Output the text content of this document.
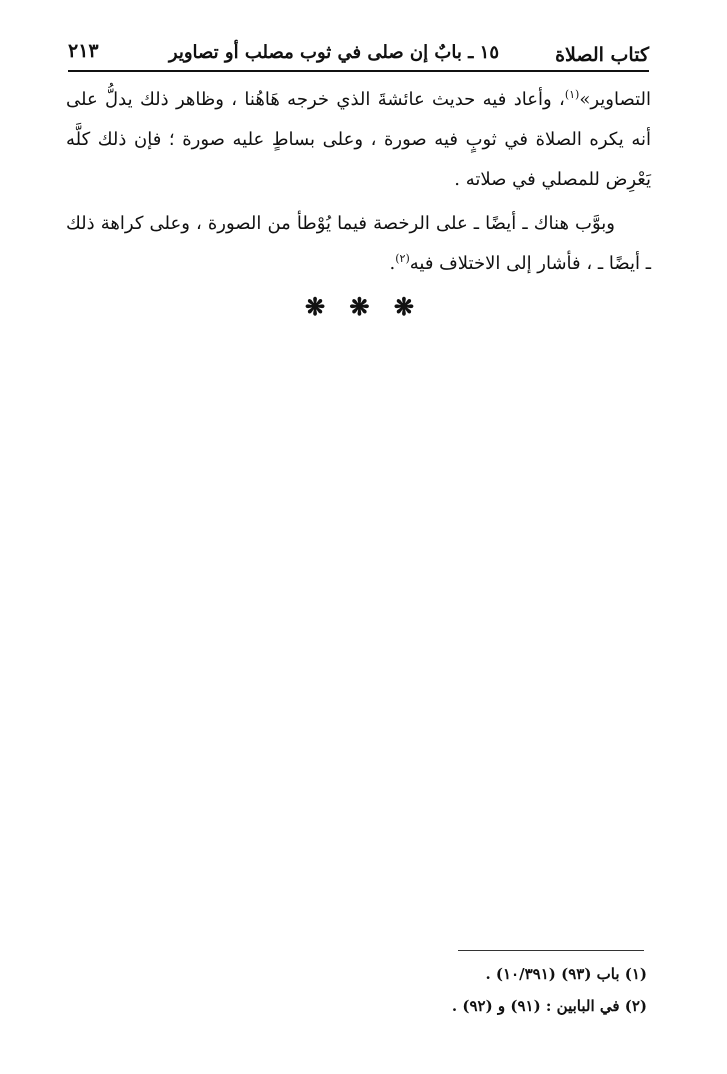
كتاب الصلاة
١٥ ـ بابٌ إن صلى في ثوب مصلب أو تصاوير
٢١٣

التصاوير»$^{(١)}$، وأعاد فيه حديث عائشةَ الذي خرجه هَاهُنا ، وظاهر ذلك يدلُّ على أنه يكره الصلاة في ثوبٍ فيه صورة ، وعلى بساطٍ عليه صورة ؛ فإن ذلك كلَّه يَعْرِض للمصلي في صلاته .

وبوَّب هناك ـ أيضًا ـ على الرخصة فيما يُوْطأ من الصورة ، وعلى كراهة ذلك ـ أيضًا ـ ، فأشار إلى الاختلاف فيه$^{(٢)}$.

❋ ❋ ❋
(١) باب (٩٣) (١٠/٣٩١) .
(٢) في البابين : (٩١) و (٩٢) .
